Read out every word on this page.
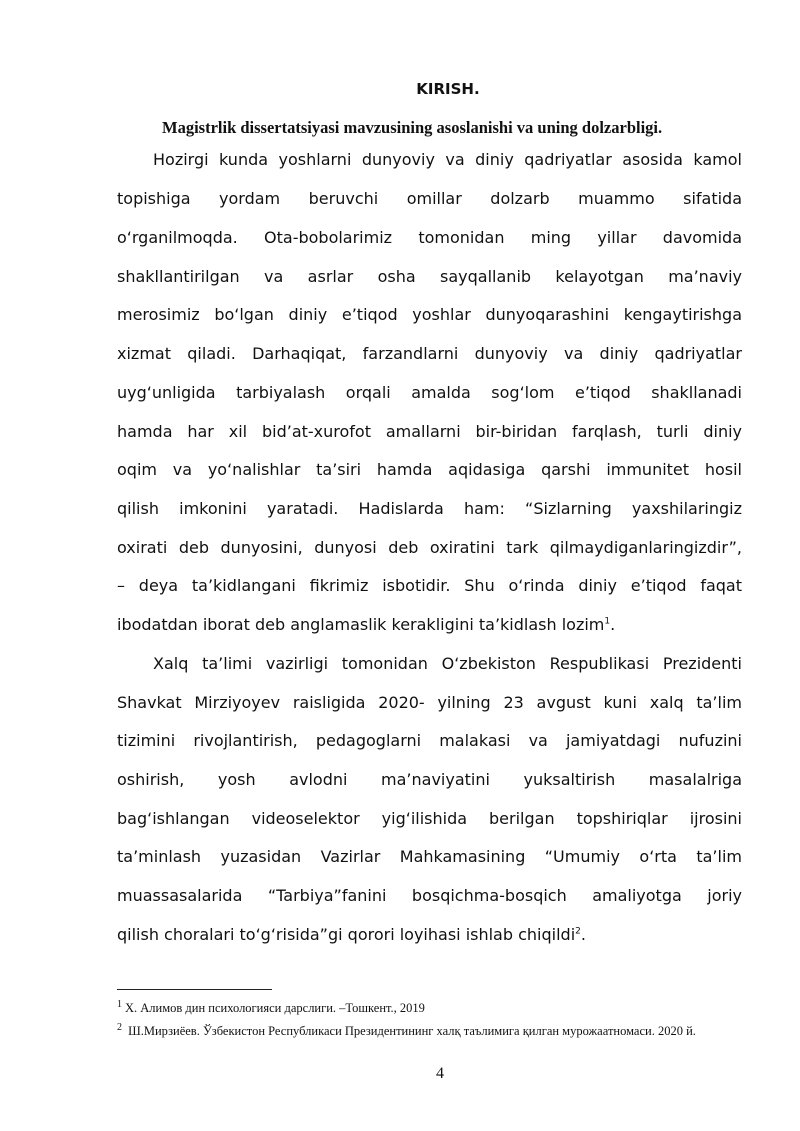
KIRISH.
Magistrlik dissertatsiyasi mavzusining asoslanishi va uning dolzarbligi.
Hozirgi kunda yoshlarni dunyoviy va diniy qadriyatlar asosida kamol
topishiga yordam beruvchi omillar dolzarb muammo sifatida
o‘rganilmoqda. Ota-bobolarimiz tomonidan ming yillar davomida
shakllantirilgan va asrlar osha sayqallanib kelayotgan ma’naviy
merosimiz bo‘lgan diniy e’tiqod yoshlar dunyoqarashini kengaytirishga
xizmat qiladi. Darhaqiqat, farzandlarni dunyoviy va diniy qadriyatlar
uyg‘unligida tarbiyalash orqali amalda sog‘lom e’tiqod shakllanadi
hamda har xil bid’at-xurofot amallarni bir-biridan farqlash, turli diniy
oqim va yo‘nalishlar ta’siri hamda aqidasiga qarshi immunitet hosil
qilish imkonini yaratadi. Hadislarda ham: “Sizlarning yaxshilaringiz
oxirati deb dunyosini, dunyosi deb oxiratini tark qilmaydiganlaringizdir”,
– deya ta’kidlangani fikrimiz isbotidir. Shu o‘rinda diniy e’tiqod faqat
ibodatdan iborat deb anglamaslik kerakligini ta’kidlash lozim$^1$.
Xalq ta’limi vazirligi tomonidan O‘zbekiston Respublikasi Prezidenti
Shavkat Mirziyoyev raisligida 2020- yilning 23 avgust kuni xalq ta’lim
tizimini rivojlantirish, pedagoglarni malakasi va jamiyatdagi nufuzini
oshirish, yosh avlodni ma’naviyatini yuksaltirish masalalriga
bag‘ishlangan videoselektor yig‘ilishida berilgan topshiriqlar ijrosini
ta’minlash yuzasidan Vazirlar Mahkamasining “Umumiy o‘rta ta’lim
muassasalarida “Tarbiya”fanini bosqichma-bosqich amaliyotga joriy
qilish choralari to‘g‘risida”gi qorori loyihasi ishlab chiqildi$^2$.
$^1$ Х. Алимов дин психологияси дарслиги. –Тошкент., 2019
$^2$ Ш.Мирзиёев. Ўзбекистон Республикаси Президентининг халқ таълимига қилган мурожаатномаси. 2020 й.
4
